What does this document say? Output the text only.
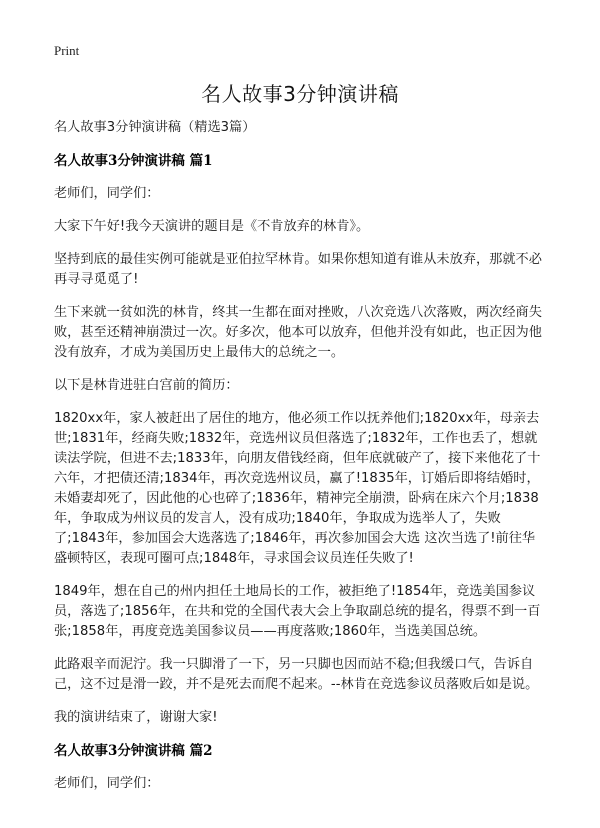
Print
名人故事3分钟演讲稿

名人故事3分钟演讲稿（精选3篇）

名人故事3分钟演讲稿 篇1

老师们，同学们：

大家下午好!我今天演讲的题目是《不肯放弃的林肯》。

坚持到底的最佳实例可能就是亚伯拉罕林肯。如果你想知道有谁从未放弃，那就不必再寻寻觅觅了!

生下来就一贫如洗的林肯，终其一生都在面对挫败，八次竞选八次落败，两次经商失败，甚至还精神崩溃过一次。好多次，他本可以放弃，但他并没有如此，也正因为他没有放弃，才成为美国历史上最伟大的总统之一。

以下是林肯进驻白宫前的简历：

1820xx年，家人被赶出了居住的地方，他必须工作以抚养他们;1820xx年，母亲去世;1831年，经商失败;1832年，竞选州议员但落选了;1832年，工作也丢了，想就读法学院，但进不去;1833年，向朋友借钱经商，但年底就破产了，接下来他花了十六年，才把债还清;1834年，再次竞选州议员，赢了!1835年，订婚后即将结婚时，未婚妻却死了，因此他的心也碎了;1836年，精神完全崩溃，卧病在床六个月;1838年，争取成为州议员的发言人，没有成功;1840年，争取成为选举人了，失败了;1843年，参加国会大选落选了;1846年，再次参加国会大选 这次当选了!前往华盛顿特区，表现可圈可点;1848年，寻求国会议员连任失败了!

1849年，想在自己的州内担任土地局长的工作，被拒绝了!1854年，竞选美国参议员，落选了;1856年，在共和党的全国代表大会上争取副总统的提名，得票不到一百张;1858年，再度竞选美国参议员——再度落败;1860年，当选美国总统。

此路艰辛而泥泞。我一只脚滑了一下，另一只脚也因而站不稳;但我缓口气，告诉自己，这不过是滑一跤，并不是死去而爬不起来。--林肯在竞选参议员落败后如是说。

我的演讲结束了，谢谢大家!

名人故事3分钟演讲稿 篇2

老师们，同学们：
